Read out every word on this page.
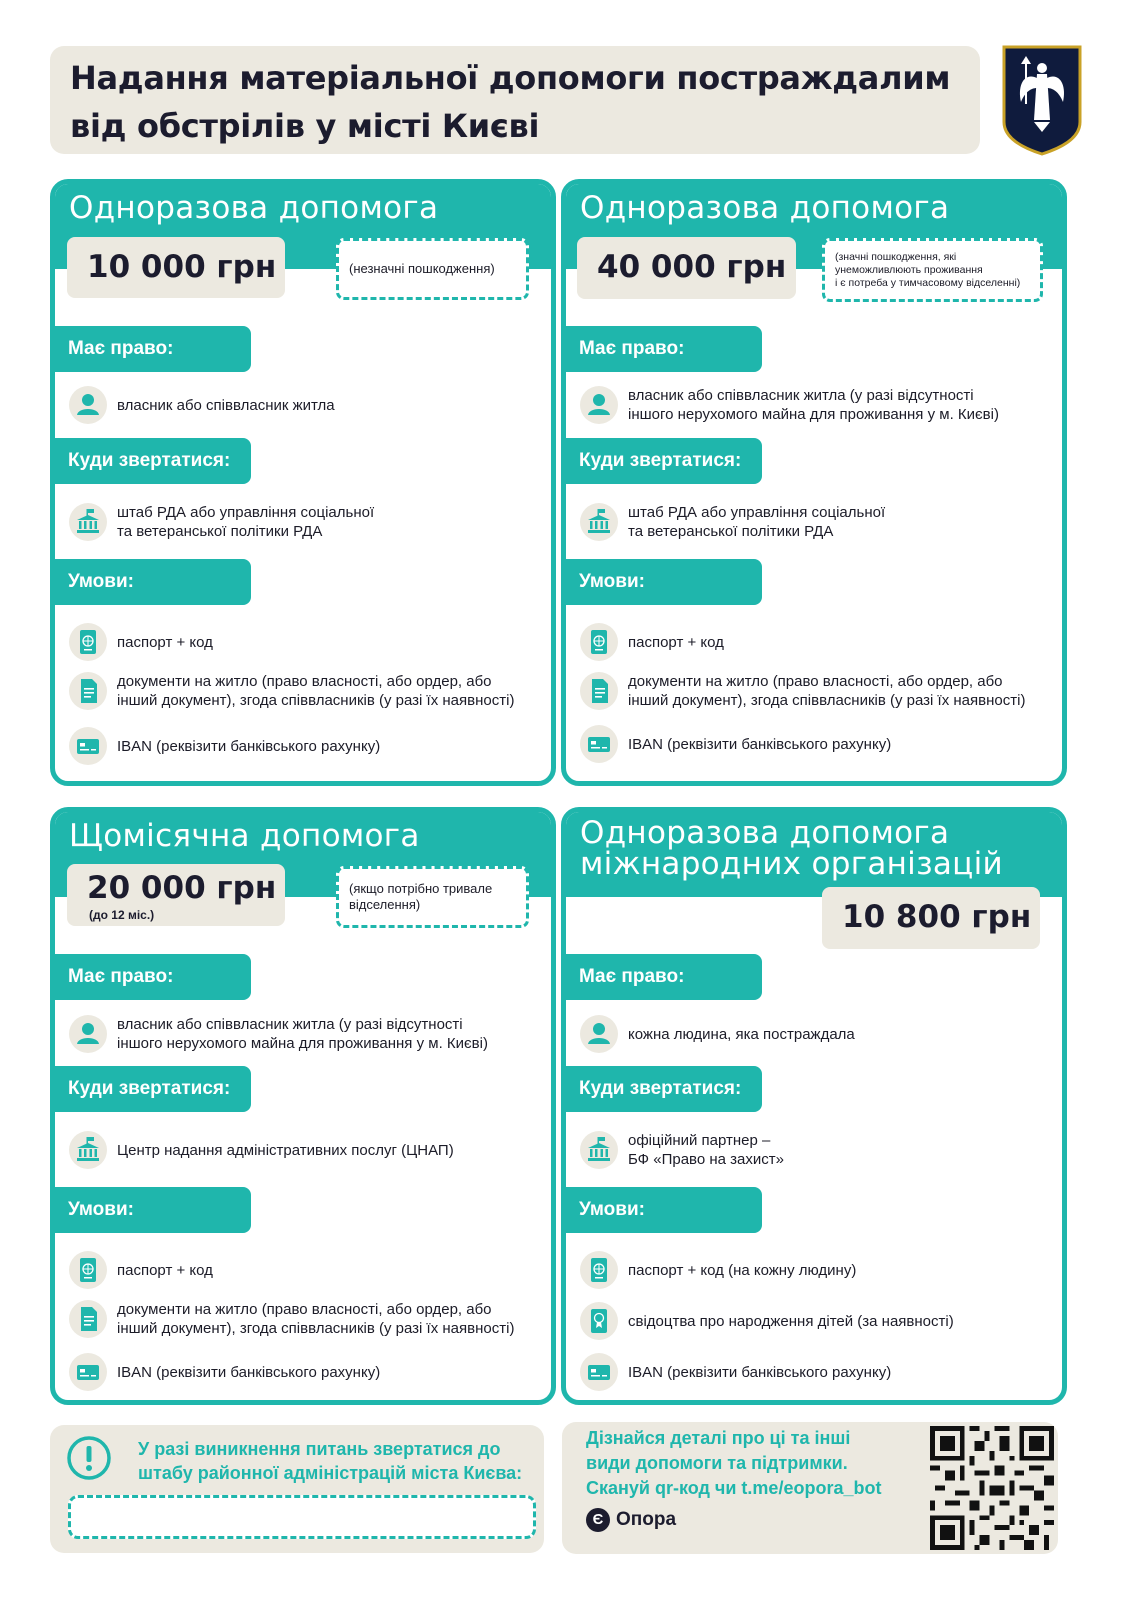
Надання матеріальної допомоги постраждалим
від обстрілів у місті Києві
Одноразова допомога
10 000 грн	(незначні пошкодження)
Має право:
власник або співвласник житла
Куди звертатися:
штаб РДА або управління соціальної
та ветеранської політики РДА
Умови:
паспорт + код
документи на житло (право власності, або ордер, або
інший документ), згода співвласників (у разі їх наявності)
IBAN (реквізити банківського рахунку)
Одноразова допомога
40 000 грн	(значні пошкодження, які
унеможливлюють проживання
і є потреба у тимчасовому відселенні)
Має право:
власник або співвласник житла (у разі відсутності
іншого нерухомого майна для проживання у м. Києві)
Куди звертатися:
штаб РДА або управління соціальної
та ветеранської політики РДА
Умови:
паспорт + код
документи на житло (право власності, або ордер, або
інший документ), згода співвласників (у разі їх наявності)
IBAN (реквізити банківського рахунку)
Щомісячна допомога
20 000 грн
(до 12 міс.)
(якщо потрібно тривале
відселення)
Має право:
власник або співвласник житла (у разі відсутності
іншого нерухомого майна для проживання у м. Києві)
Куди звертатися:
Центр надання адміністративних послуг (ЦНАП)
Умови:
паспорт + код
документи на житло (право власності, або ордер, або
інший документ), згода співвласників (у разі їх наявності)
IBAN (реквізити банківського рахунку)
Одноразова допомога
міжнародних організацій
10 800 грн
Має право:
кожна людина, яка постраждала
Куди звертатися:
офіційний партнер –
БФ «Право на захист»
Умови:
паспорт + код (на кожну людину)
свідоцтва про народження дітей (за наявності)
IBAN (реквізити банківського рахунку)
У разі виникнення питань звертатися до
штабу районної адміністрацій міста Києва:
Дізнайся деталі про ці та інші
види допомоги та підтримки.
Скануй qr-код чи t.me/eopora_bot
Є Опора
